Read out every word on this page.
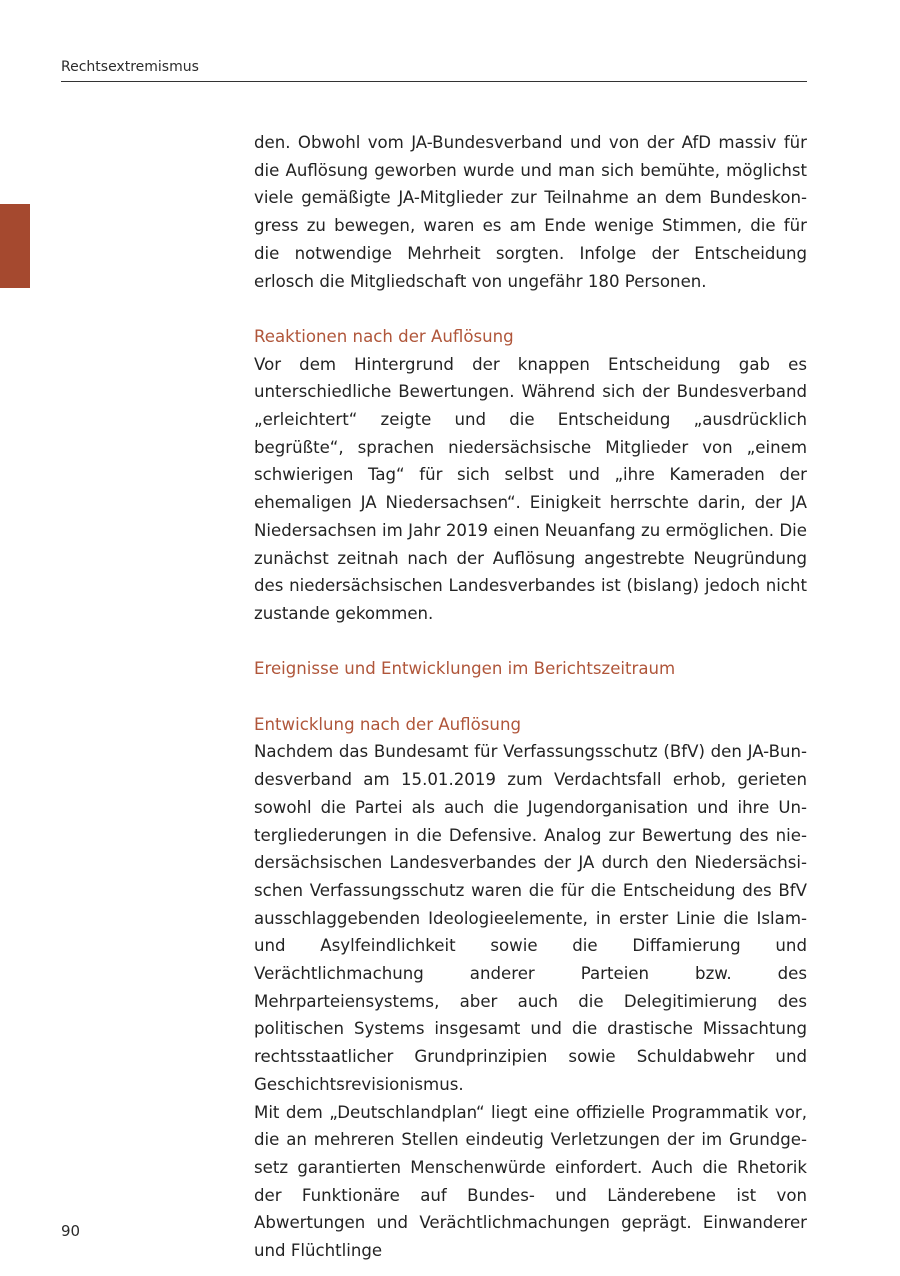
Rechtsextremismus

den. Obwohl vom JA-Bundesverband und von der AfD massiv für die Auflösung geworben wurde und man sich bemühte, möglichst viele gemäßigte JA-Mitglieder zur Teilnahme an dem Bundeskongress zu bewegen, waren es am Ende wenige Stimmen, die für die notwendige Mehrheit sorgten. Infolge der Entscheidung erlosch die Mitgliedschaft von ungefähr 180 Personen.

Reaktionen nach der Auflösung

Vor dem Hintergrund der knappen Entscheidung gab es unterschiedliche Bewertungen. Während sich der Bundesverband „erleichtert“ zeigte und die Entscheidung „ausdrücklich begrüßte“, sprachen niedersächsische Mitglieder von „einem schwierigen Tag“ für sich selbst und „ihre Kameraden der ehemaligen JA Niedersachsen“. Einigkeit herrschte darin, der JA Niedersachsen im Jahr 2019 einen Neuanfang zu ermöglichen. Die zunächst zeitnah nach der Auflösung angestrebte Neugründung des niedersächsischen Landesverbandes ist (bislang) jedoch nicht zustande gekommen.

Ereignisse und Entwicklungen im Berichtszeitraum
Entwicklung nach der Auflösung

Nachdem das Bundesamt für Verfassungsschutz (BfV) den JA-Bundesverband am 15.01.2019 zum Verdachtsfall erhob, gerieten sowohl die Partei als auch die Jugendorganisation und ihre Untergliederungen in die Defensive. Analog zur Bewertung des niedersächsischen Landesverbandes der JA durch den Niedersächsischen Verfassungsschutz waren die für die Entscheidung des BfV ausschlaggebenden Ideologieelemente, in erster Linie die Islam- und Asylfeindlichkeit sowie die Diffamierung und Verächtlichmachung anderer Parteien bzw. des Mehrparteiensystems, aber auch die Delegitimierung des politischen Systems insgesamt und die drastische Missachtung rechtsstaatlicher Grundprinzipien sowie Schuldabwehr und Geschichtsrevisionismus.

Mit dem „Deutschlandplan“ liegt eine offizielle Programmatik vor, die an mehreren Stellen eindeutig Verletzungen der im Grundgesetz garantierten Menschenwürde einfordert. Auch die Rhetorik der Funktionäre auf Bundes- und Länderebene ist von Abwertungen und Verächtlichmachungen geprägt. Einwanderer und Flüchtlinge

90
